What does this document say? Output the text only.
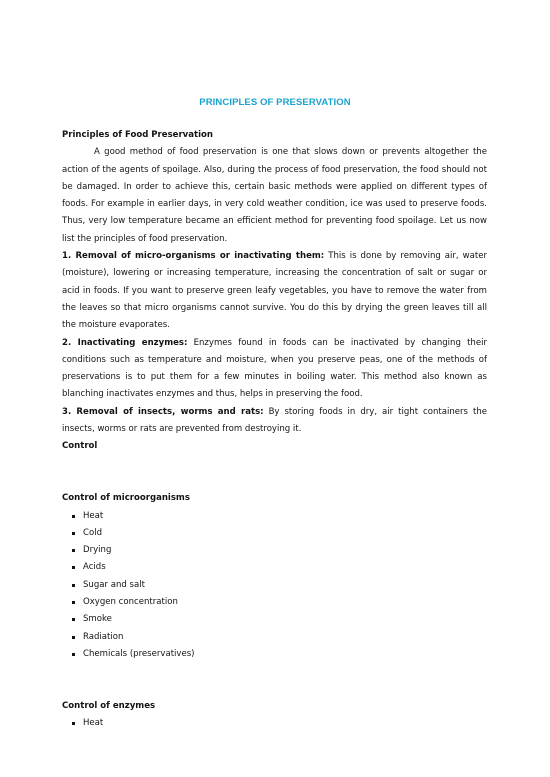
PRINCIPLES OF PRESERVATION

Principles of Food Preservation

A good method of food preservation is one that slows down or prevents altogether the action of the agents of spoilage. Also, during the process of food preservation, the food should not be damaged. In order to achieve this, certain basic methods were applied on different types of foods. For example in earlier days, in very cold weather condition, ice was used to preserve foods. Thus, very low temperature became an efficient method for preventing food spoilage. Let us now list the principles of food preservation.

1. Removal of micro-organisms or inactivating them: This is done by removing air, water (moisture), lowering or increasing temperature, increasing the concentration of salt or sugar or acid in foods. If you want to preserve green leafy vegetables, you have to remove the water from the leaves so that micro organisms cannot survive. You do this by drying the green leaves till all the moisture evaporates.

2. Inactivating enzymes: Enzymes found in foods can be inactivated by changing their conditions such as temperature and moisture, when you preserve peas, one of the methods of preservations is to put them for a few minutes in boiling water. This method also known as blanching inactivates enzymes and thus, helps in preserving the food.

3. Removal of insects, worms and rats: By storing foods in dry, air tight containers the insects, worms or rats are prevented from destroying it.

Control

Control of microorganisms

Heat
Cold
Drying
Acids
Sugar and salt
Oxygen concentration
Smoke
Radiation
Chemicals (preservatives)

Control of enzymes

Heat
